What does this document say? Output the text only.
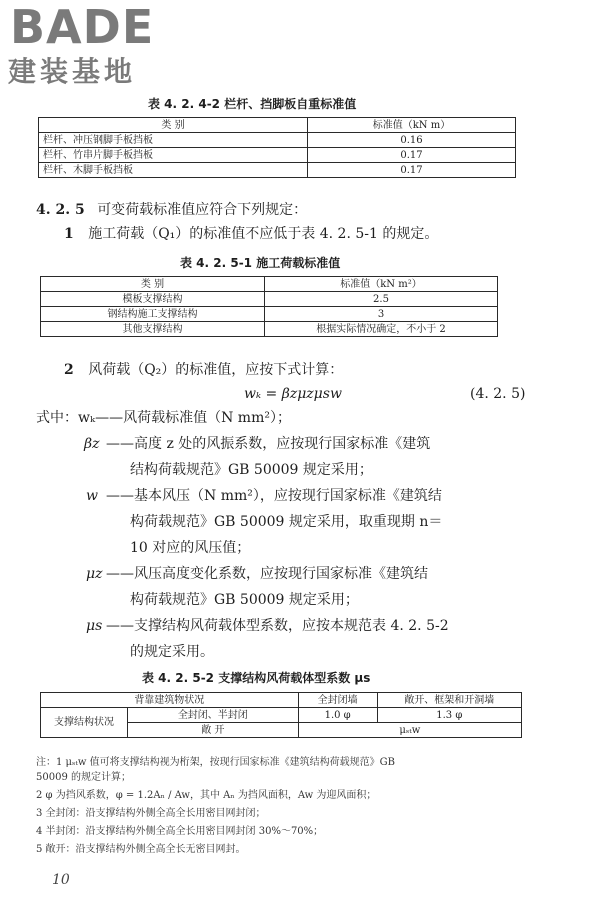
BADE
建装基地
表 4. 2. 4-2 栏杆、挡脚板自重标准值
类 别	标准值（kN m）
栏杆、冲压钢脚手板挡板	0.16
栏杆、竹串片脚手板挡板	0.17
栏杆、木脚手板挡板	0.17
4. 2. 5 可变荷载标准值应符合下列规定：
1 施工荷载（Q₁）的标准值不应低于表 4. 2. 5-1 的规定。
表 4. 2. 5-1 施工荷载标准值
类 别	标准值（kN m²）
模板支撑结构	2.5
钢结构施工支撑结构	3
其他支撑结构	根据实际情况确定，不小于 2
2 风荷载（Q₂）的标准值，应按下式计算：
wₖ = βzμzμsw	(4. 2. 5)
式中：wₖ——风荷载标准值（N mm²）；
βz ——高度 z 处的风振系数，应按现行国家标准《建筑
结构荷载规范》GB 50009 规定采用；
w ——基本风压（N mm²），应按现行国家标准《建筑结
构荷载规范》GB 50009 规定采用，取重现期 n＝
10 对应的风压值；
μz ——风压高度变化系数，应按现行国家标准《建筑结
构荷载规范》GB 50009 规定采用；
μs ——支撑结构风荷载体型系数，应按本规范表 4. 2. 5-2
的规定采用。
表 4. 2. 5-2 支撑结构风荷载体型系数 μs
背靠建筑物状况		全封闭墙	敞开、框架和开洞墙
支撑结构状况	全封闭、半封闭	1.0 φ	1.3 φ
	敞 开	μₛₜw	
注：1 μₛₜw 值可将支撑结构视为桁架，按现行国家标准《建筑结构荷载规范》GB
50009 的规定计算；
2 φ 为挡风系数，φ = 1.2Aₙ / Aw，其中 Aₙ 为挡风面积，Aw 为迎风面积；
3 全封闭：沿支撑结构外侧全高全长用密目网封闭；
4 半封闭：沿支撑结构外侧全高全长用密目网封闭 30%～70%；
5 敞开：沿支撑结构外侧全高全长无密目网封。
10
